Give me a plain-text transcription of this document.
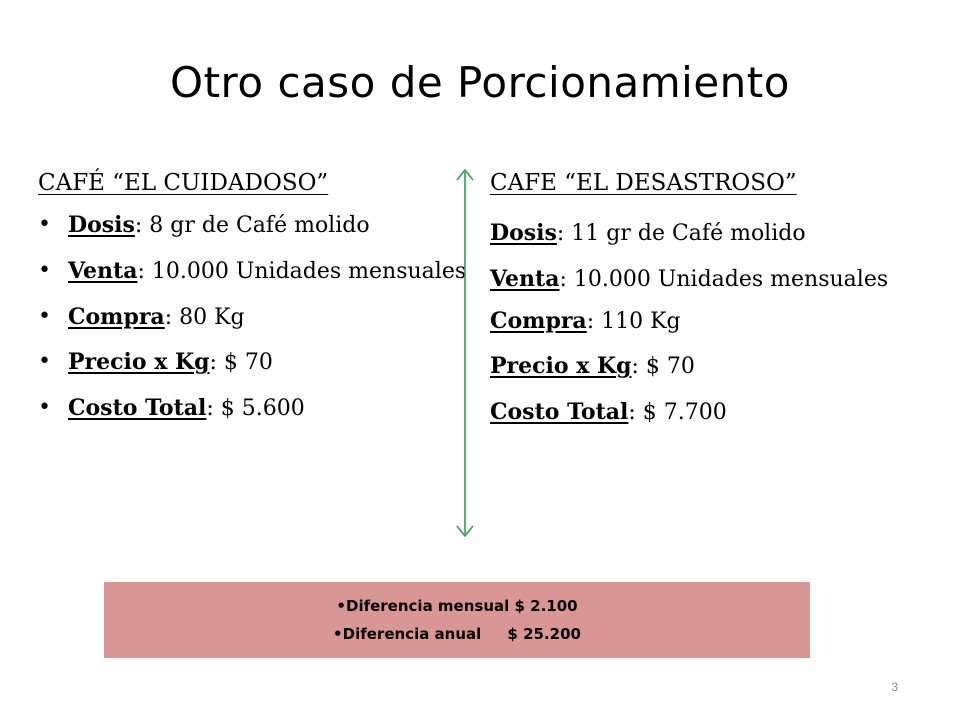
Otro caso de Porcionamiento
CAFÉ “EL CUIDADOSO”
• Dosis: 8 gr de Café molido
• Venta: 10.000 Unidades mensuales
• Compra: 80 Kg
• Precio x Kg: $ 70
• Costo Total: $ 5.600
CAFE “EL DESASTROSO”
Dosis: 11 gr de Café molido
Venta: 10.000 Unidades mensuales
Compra: 110 Kg
Precio x Kg: $ 70
Costo Total: $ 7.700
•Diferencia mensual $ 2.100
•Diferencia anual     $ 25.200
3
